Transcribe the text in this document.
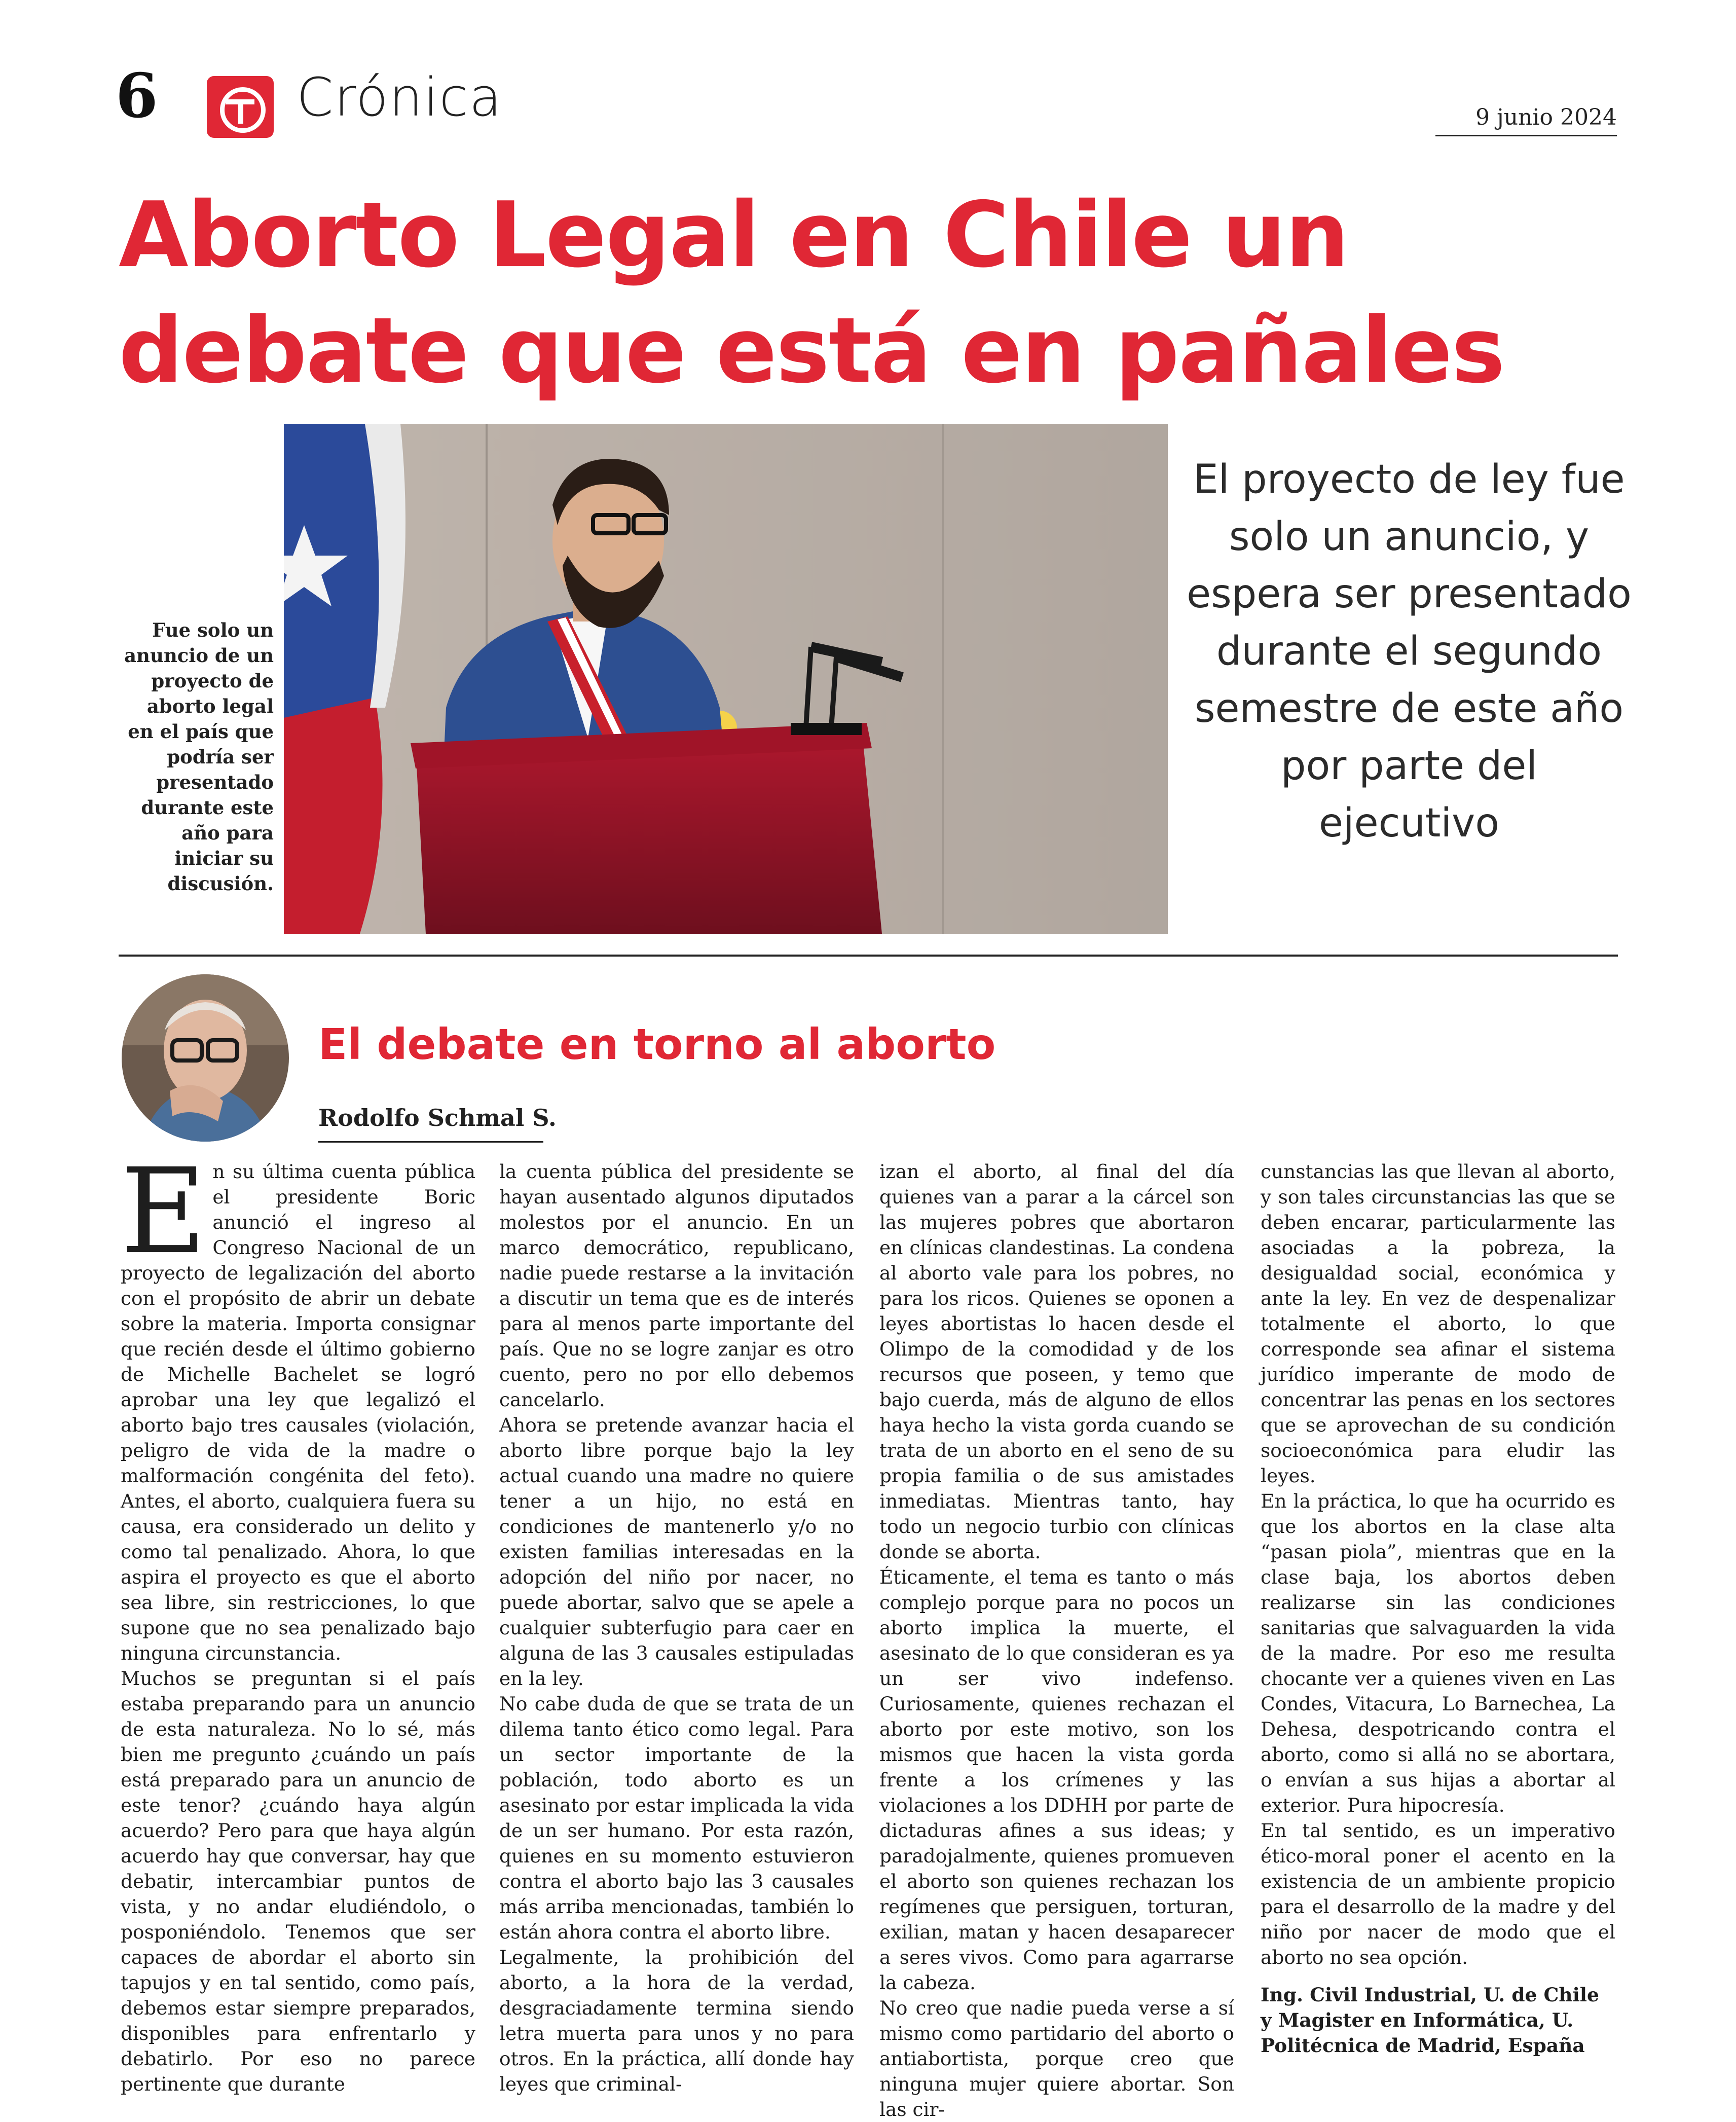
6	Crónica	9 junio 2024
Aborto Legal en Chile un
debate que está en pañales
Fue solo un anuncio de un proyecto de aborto legal en el país que podría ser presentado durante este año para iniciar su discusión.
El proyecto de ley fue solo un anuncio, y espera ser presentado durante el segundo semestre de este año por parte del ejecutivo
El debate en torno al aborto
Rodolfo Schmal S.

En su última cuenta pública el presidente Boric anunció el ingreso al Congreso Nacional de un proyecto de legalización del aborto con el propósito de abrir un debate sobre la materia. Importa consignar que recién desde el último gobierno de Michelle Bachelet se logró aprobar una ley que legalizó el aborto bajo tres causales (violación, peligro de vida de la madre o malformación congénita del feto). Antes, el aborto, cualquiera fuera su causa, era considerado un delito y como tal penalizado. Ahora, lo que aspira el proyecto es que el aborto sea libre, sin restricciones, lo que supone que no sea penalizado bajo ninguna circunstancia.

Muchos se preguntan si el país estaba preparando para un anuncio de esta naturaleza. No lo sé, más bien me pregunto ¿cuándo un país está preparado para un anuncio de este tenor? ¿cuándo haya algún acuerdo? Pero para que haya algún acuerdo hay que conversar, hay que debatir, intercambiar puntos de vista, y no andar eludiéndolo, o posponiéndolo. Tenemos que ser capaces de abordar el aborto sin tapujos y en tal sentido, como país, debemos estar siempre preparados, disponibles para enfrentarlo y debatirlo. Por eso no parece pertinente que durante

la cuenta pública del presidente se hayan ausentado algunos diputados molestos por el anuncio. En un marco democrático, republicano, nadie puede restarse a la invitación a discutir un tema que es de interés para al menos parte importante del país. Que no se logre zanjar es otro cuento, pero no por ello debemos cancelarlo.

Ahora se pretende avanzar hacia el aborto libre porque bajo la ley actual cuando una madre no quiere tener a un hijo, no está en condiciones de mantenerlo y/o no existen familias interesadas en la adopción del niño por nacer, no puede abortar, salvo que se apele a cualquier subterfugio para caer en alguna de las 3 causales estipuladas en la ley.

No cabe duda de que se trata de un dilema tanto ético como legal. Para un sector importante de la población, todo aborto es un asesinato por estar implicada la vida de un ser humano. Por esta razón, quienes en su momento estuvieron contra el aborto bajo las 3 causales más arriba mencionadas, también lo están ahora contra el aborto libre.

Legalmente, la prohibición del aborto, a la hora de la verdad, desgraciadamente termina siendo letra muerta para unos y no para otros. En la práctica, allí donde hay leyes que criminal-

izan el aborto, al final del día quienes van a parar a la cárcel son las mujeres pobres que abortaron en clínicas clandestinas. La condena al aborto vale para los pobres, no para los ricos. Quienes se oponen a leyes abortistas lo hacen desde el Olimpo de la comodidad y de los recursos que poseen, y temo que bajo cuerda, más de alguno de ellos haya hecho la vista gorda cuando se trata de un aborto en el seno de su propia familia o de sus amistades inmediatas. Mientras tanto, hay todo un negocio turbio con clínicas donde se aborta.

Éticamente, el tema es tanto o más complejo porque para no pocos un aborto implica la muerte, el asesinato de lo que consideran es ya un ser vivo indefenso. Curiosamente, quienes rechazan el aborto por este motivo, son los mismos que hacen la vista gorda frente a los crímenes y las violaciones a los DDHH por parte de dictaduras afines a sus ideas; y paradojalmente, quienes promueven el aborto son quienes rechazan los regímenes que persiguen, torturan, exilian, matan y hacen desaparecer a seres vivos. Como para agarrarse la cabeza.

No creo que nadie pueda verse a sí mismo como partidario del aborto o antiabortista, porque creo que ninguna mujer quiere abortar. Son las cir-

cunstancias las que llevan al aborto, y son tales circunstancias las que se deben encarar, particularmente las asociadas a la pobreza, la desigualdad social, económica y ante la ley. En vez de despenalizar totalmente el aborto, lo que corresponde sea afinar el sistema jurídico imperante de modo de concentrar las penas en los sectores que se aprovechan de su condición socioeconómica para eludir las leyes.

En la práctica, lo que ha ocurrido es que los abortos en la clase alta “pasan piola”, mientras que en la clase baja, los abortos deben realizarse sin las condiciones sanitarias que salvaguarden la vida de la madre. Por eso me resulta chocante ver a quienes viven en Las Condes, Vitacura, Lo Barnechea, La Dehesa, despotricando contra el aborto, como si allá no se abortara, o envían a sus hijas a abortar al exterior. Pura hipocresía.

En tal sentido, es un imperativo ético-moral poner el acento en la existencia de un ambiente propicio para el desarrollo de la madre y del niño por nacer de modo que el aborto no sea opción.

Ing. Civil Industrial, U. de Chile y Magister en Informática, U. Politécnica de Madrid, España
